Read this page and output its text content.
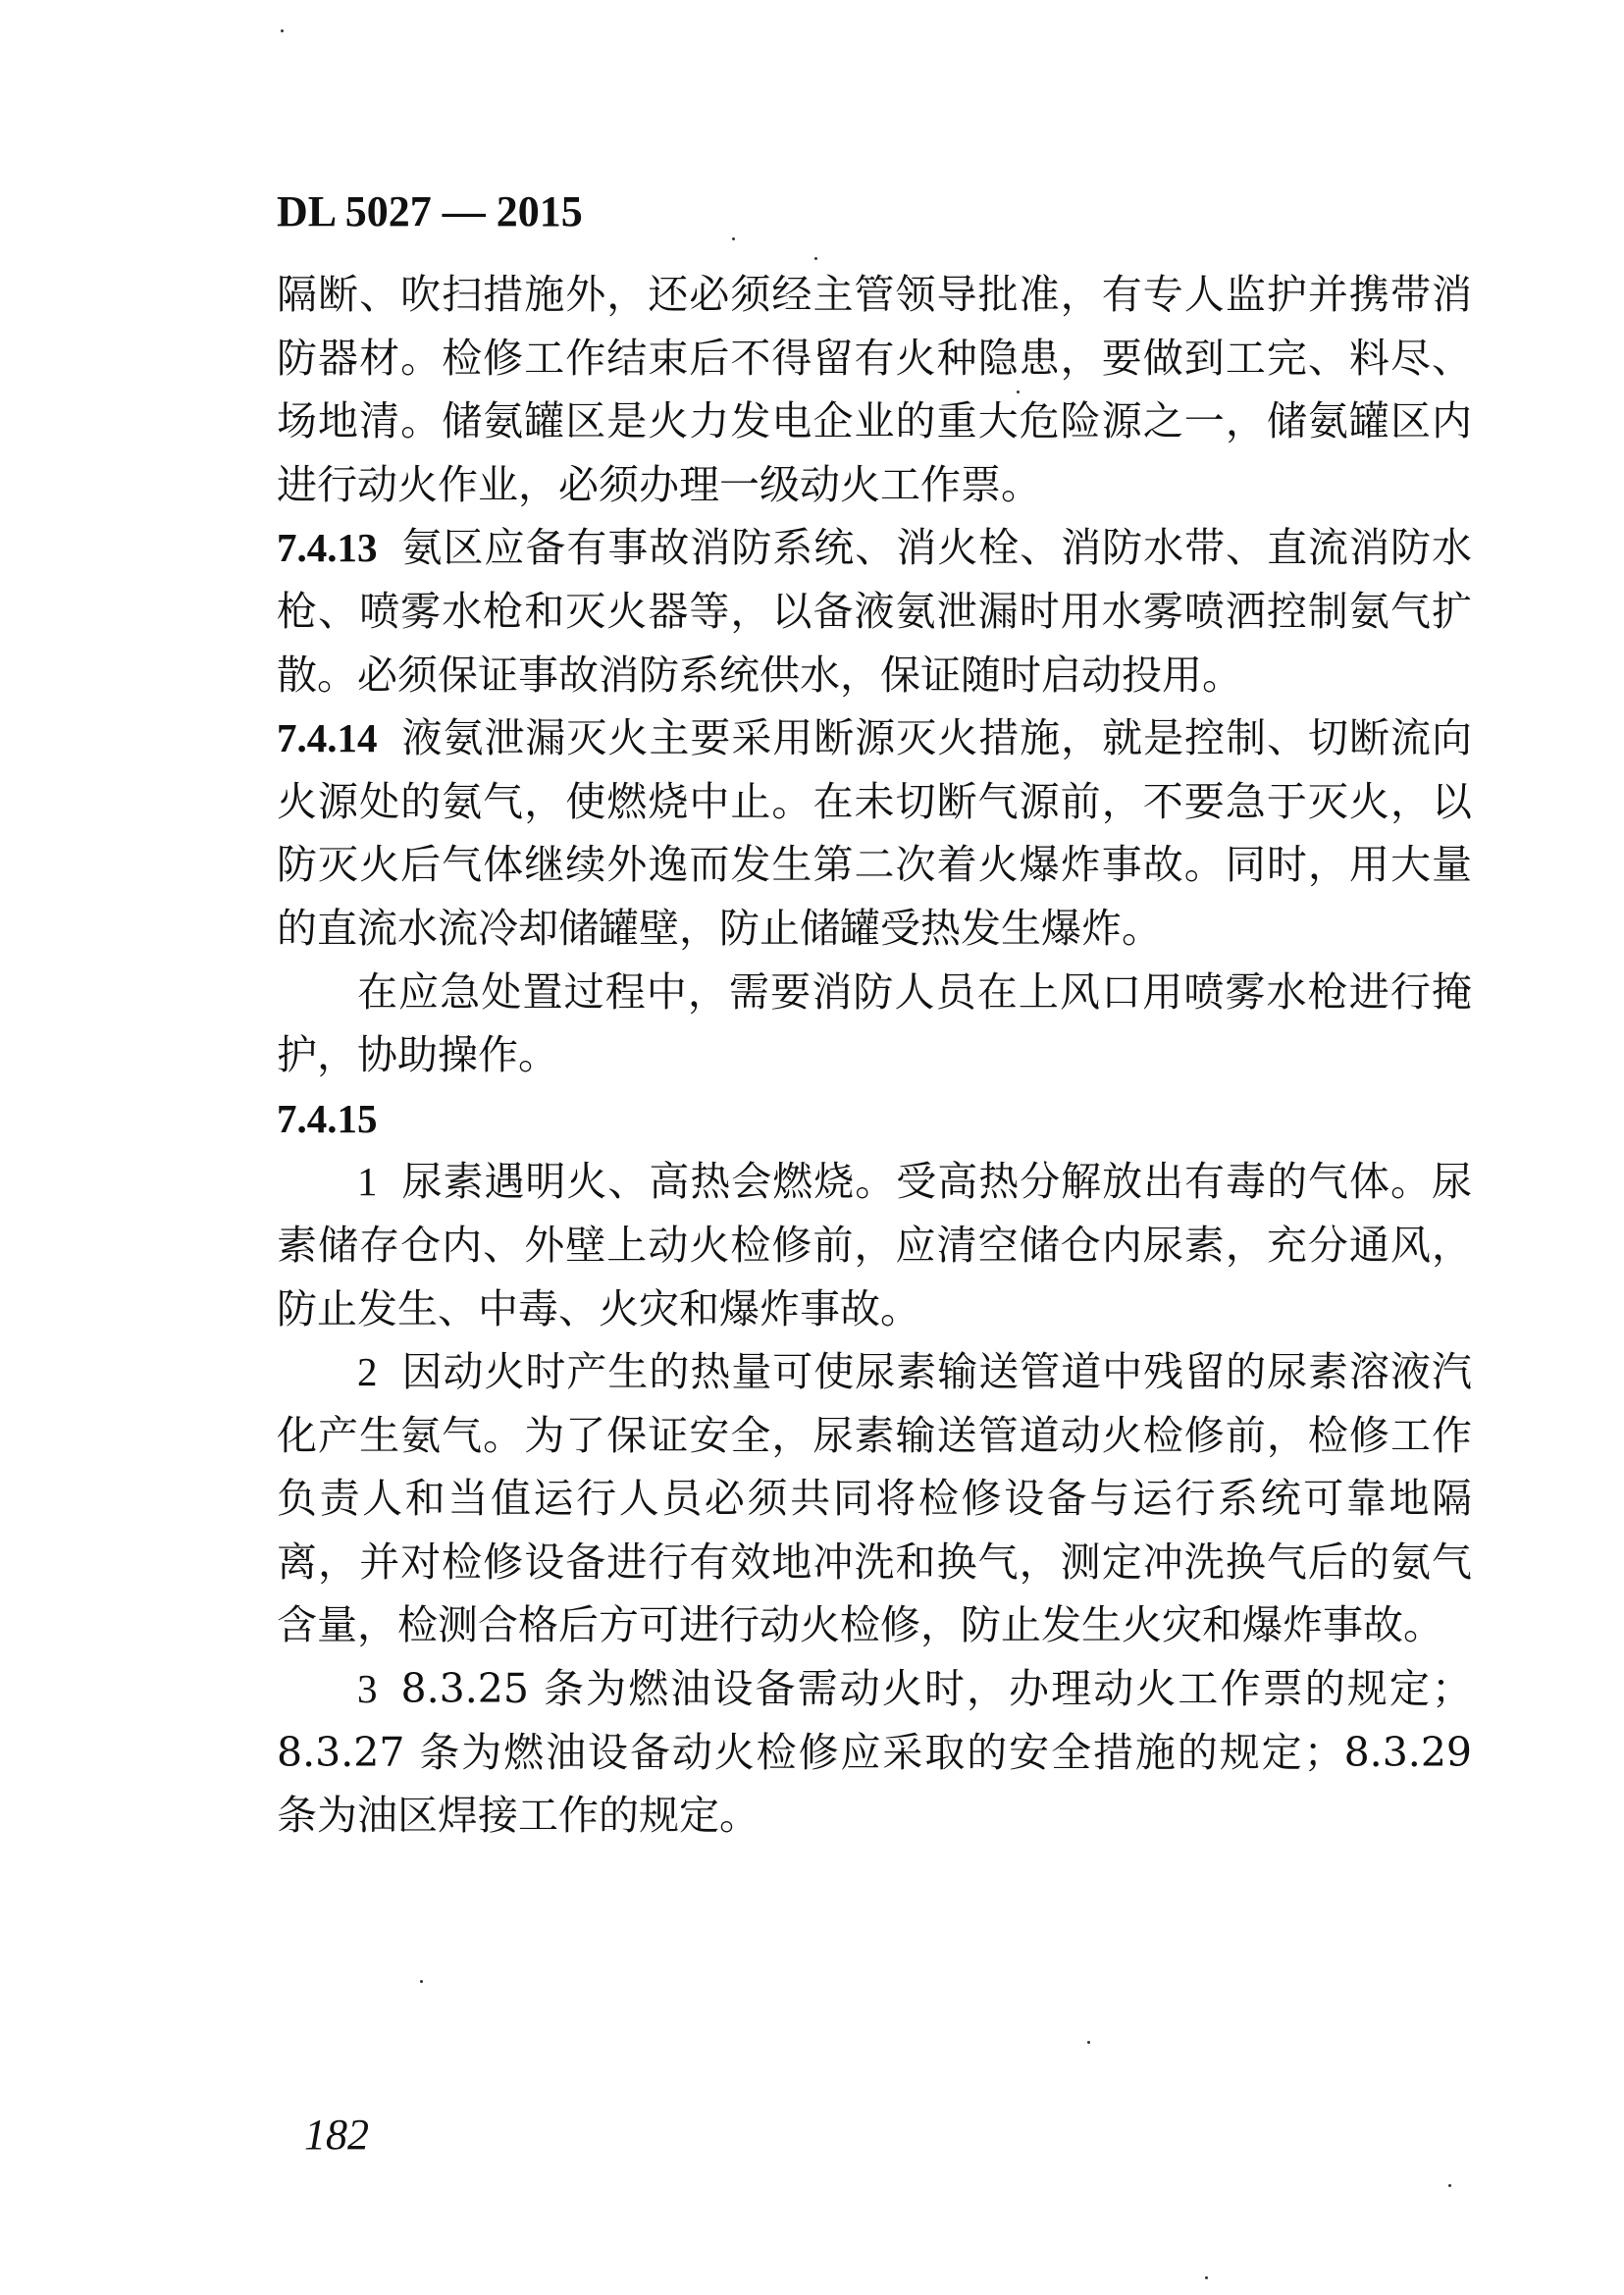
DL 5027 — 2015

隔断、吹扫措施外，还必须经主管领导批准，有专人监护并携带消防器材。检修工作结束后不得留有火种隐患，要做到工完、料尽、场地清。储氨罐区是火力发电企业的重大危险源之一，储氨罐区内进行动火作业，必须办理一级动火工作票。

7.4.13 氨区应备有事故消防系统、消火栓、消防水带、直流消防水枪、喷雾水枪和灭火器等，以备液氨泄漏时用水雾喷洒控制氨气扩散。必须保证事故消防系统供水，保证随时启动投用。

7.4.14 液氨泄漏灭火主要采用断源灭火措施，就是控制、切断流向火源处的氨气，使燃烧中止。在未切断气源前，不要急于灭火，以防灭火后气体继续外逸而发生第二次着火爆炸事故。同时，用大量的直流水流冷却储罐壁，防止储罐受热发生爆炸。

在应急处置过程中，需要消防人员在上风口用喷雾水枪进行掩护，协助操作。

7.4.15

1 尿素遇明火、高热会燃烧。受高热分解放出有毒的气体。尿素储存仓内、外壁上动火检修前，应清空储仓内尿素，充分通风，防止发生、中毒、火灾和爆炸事故。

2 因动火时产生的热量可使尿素输送管道中残留的尿素溶液汽化产生氨气。为了保证安全，尿素输送管道动火检修前，检修工作负责人和当值运行人员必须共同将检修设备与运行系统可靠地隔离，并对检修设备进行有效地冲洗和换气，测定冲洗换气后的氨气含量，检测合格后方可进行动火检修，防止发生火灾和爆炸事故。

3 8.3.25 条为燃油设备需动火时，办理动火工作票的规定；8.3.27 条为燃油设备动火检修应采取的安全措施的规定；8.3.29 条为油区焊接工作的规定。

182
